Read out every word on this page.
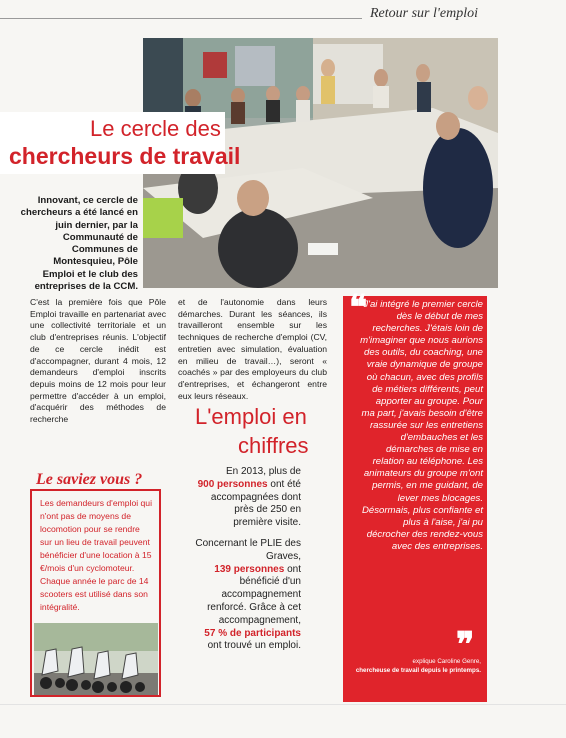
Retour sur l'emploi
Le cercle des
chercheurs de travail
Innovant, ce cercle de chercheurs a été lancé en juin dernier, par la Communauté de Communes de Montesquieu, Pôle Emploi et le club des entreprises de la CCM.
C'est la première fois que Pôle Emploi travaille en partenariat avec une collectivité territoriale et un club d'entreprises réunis. L'objectif de ce cercle inédit est d'accompagner, durant 4 mois, 12 demandeurs d'emploi inscrits depuis moins de 12 mois pour leur permettre d'accéder à un emploi, d'acquérir des méthodes de recherche
et de l'autonomie dans leurs démarches. Durant les séances, ils travailleront ensemble sur les techniques de recherche d'emploi (CV, entretien avec simulation, évaluation en milieu de travail…), seront « coachés » par des employeurs du club d'entreprises, et échangeront entre eux leurs réseaux.
L'emploi en
chiffres

En 2013, plus de
900 personnes ont été accompagnées dont près de 250 en première visite.

Concernant le PLIE des Graves,
139 personnes ont bénéficié d'un accompagnement renforcé. Grâce à cet accompagnement,
57 % de participants ont trouvé un emploi.

Le saviez vous ?
Les demandeurs d'emploi qui n'ont pas de moyens de locomotion pour se rendre sur un lieu de travail peuvent bénéficier d'une location à 15 €/mois d'un cyclomoteur. Chaque année le parc de 14 scooters est utilisé dans son intégralité.
❝
J'ai intégré le premier cercle dès le début de mes recherches. J'étais loin de m'imaginer que nous aurions des outils, du coaching, une vraie dynamique de groupe où chacun, avec des profils de métiers différents, peut apporter au groupe. Pour ma part, j'avais besoin d'être rassurée sur les entretiens d'embauches et les démarches de mise en relation au téléphone. Les animateurs du groupe m'ont permis, en me guidant, de lever mes blocages. Désormais, plus confiante et plus à l'aise, j'ai pu décrocher des rendez-vous avec des entreprises.
❞
explique Caroline Genre,
chercheuse de travail depuis le printemps.
